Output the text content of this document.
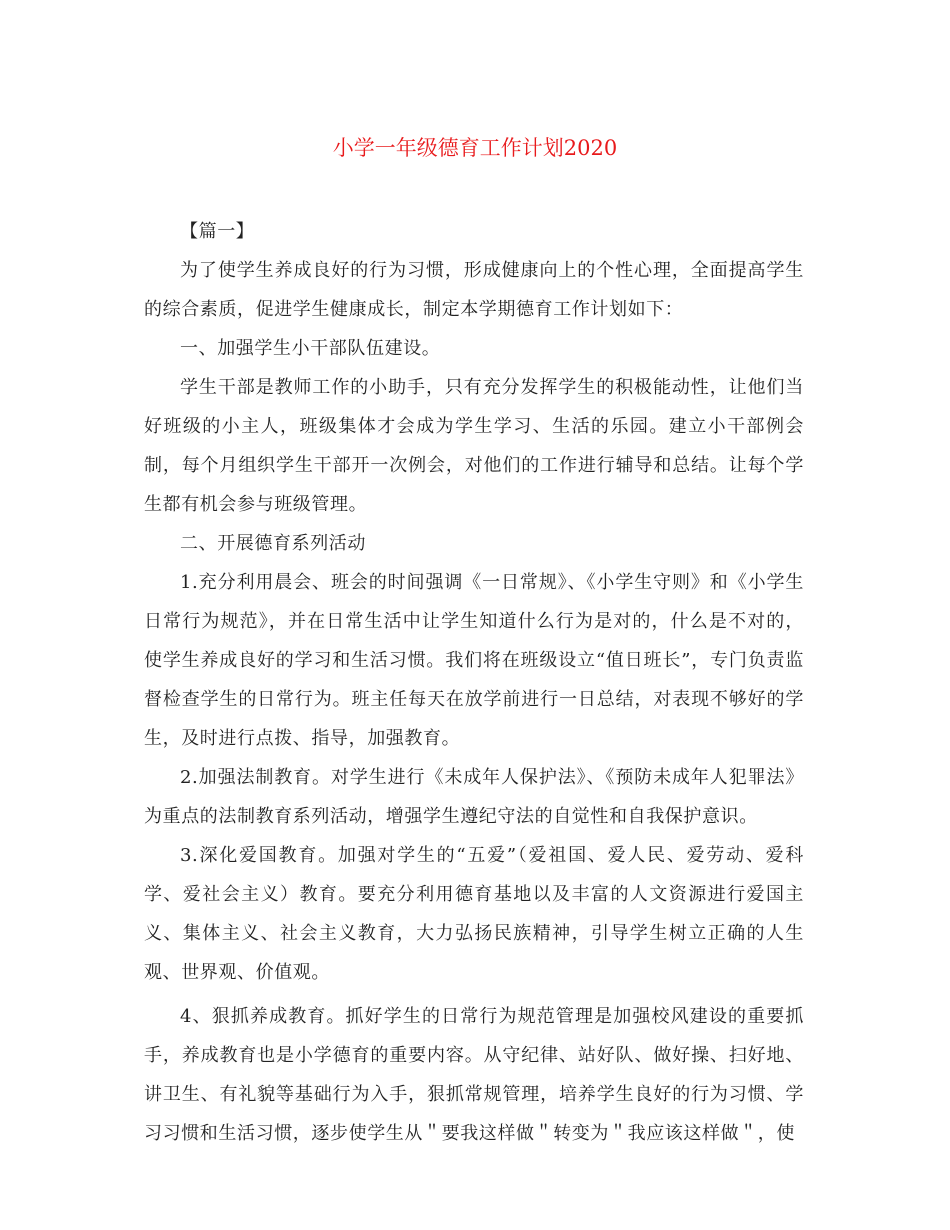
小学一年级德育工作计划2020

【篇一】

为了使学生养成良好的行为习惯，形成健康向上的个性心理，全面提高学生的综合素质，促进学生健康成长，制定本学期德育工作计划如下：

一、加强学生小干部队伍建设。

学生干部是教师工作的小助手，只有充分发挥学生的积极能动性，让他们当好班级的小主人，班级集体才会成为学生学习、生活的乐园。建立小干部例会制，每个月组织学生干部开一次例会，对他们的工作进行辅导和总结。让每个学生都有机会参与班级管理。

二、开展德育系列活动

1.充分利用晨会、班会的时间强调《一日常规》、《小学生守则》和《小学生日常行为规范》，并在日常生活中让学生知道什么行为是对的，什么是不对的，使学生养成良好的学习和生活习惯。我们将在班级设立“值日班长”，专门负责监督检查学生的日常行为。班主任每天在放学前进行一日总结，对表现不够好的学生，及时进行点拨、指导，加强教育。

2.加强法制教育。对学生进行《未成年人保护法》、《预防未成年人犯罪法》为重点的法制教育系列活动，增强学生遵纪守法的自觉性和自我保护意识。

3.深化爱国教育。加强对学生的“五爱”（爱祖国、爱人民、爱劳动、爱科学、爱社会主义）教育。要充分利用德育基地以及丰富的人文资源进行爱国主义、集体主义、社会主义教育，大力弘扬民族精神，引导学生树立正确的人生观、世界观、价值观。

4、狠抓养成教育。抓好学生的日常行为规范管理是加强校风建设的重要抓手，养成教育也是小学德育的重要内容。从守纪律、站好队、做好操、扫好地、讲卫生、有礼貌等基础行为入手，狠抓常规管理，培养学生良好的行为习惯、学习习惯和生活习惯，逐步使学生从＂要我这样做＂转变为＂我应该这样做＂，使
